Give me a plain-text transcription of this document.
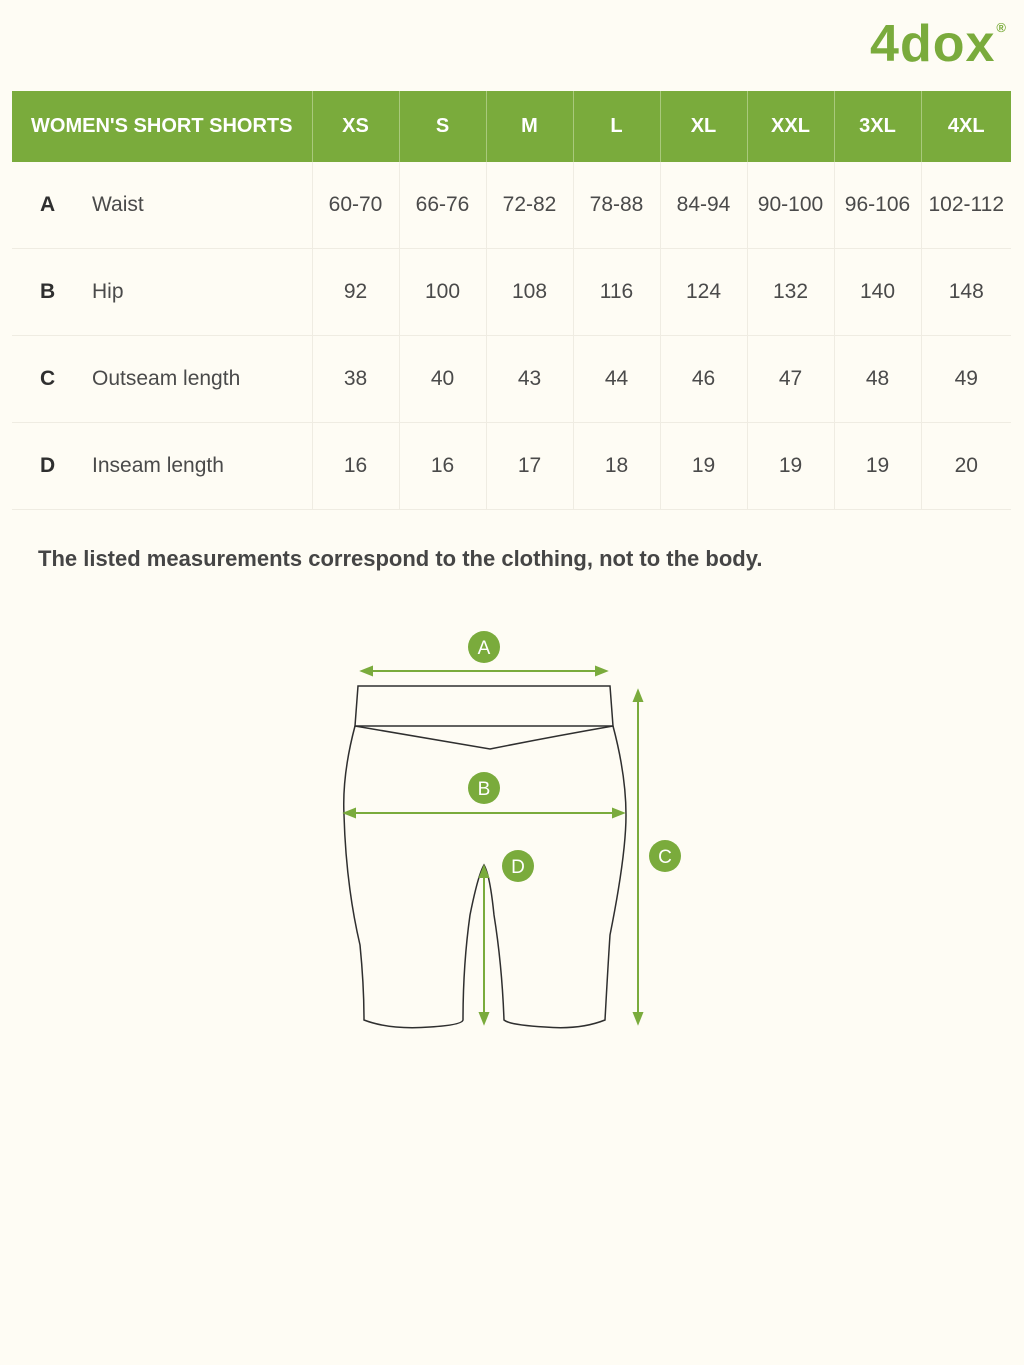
4dox ®
WOMEN'S SHORT SHORTS	XS	S	M	L	XL	XXL	3XL	4XL
A Waist	60-70	66-76	72-82	78-88	84-94	90-100	96-106	102-112
B Hip	92	100	108	116	124	132	140	148
C Outseam length	38	40	43	44	46	47	48	49
D Inseam length	16	16	17	18	19	19	19	20
The listed measurements correspond to the clothing, not to the body.
A
B
C
D
